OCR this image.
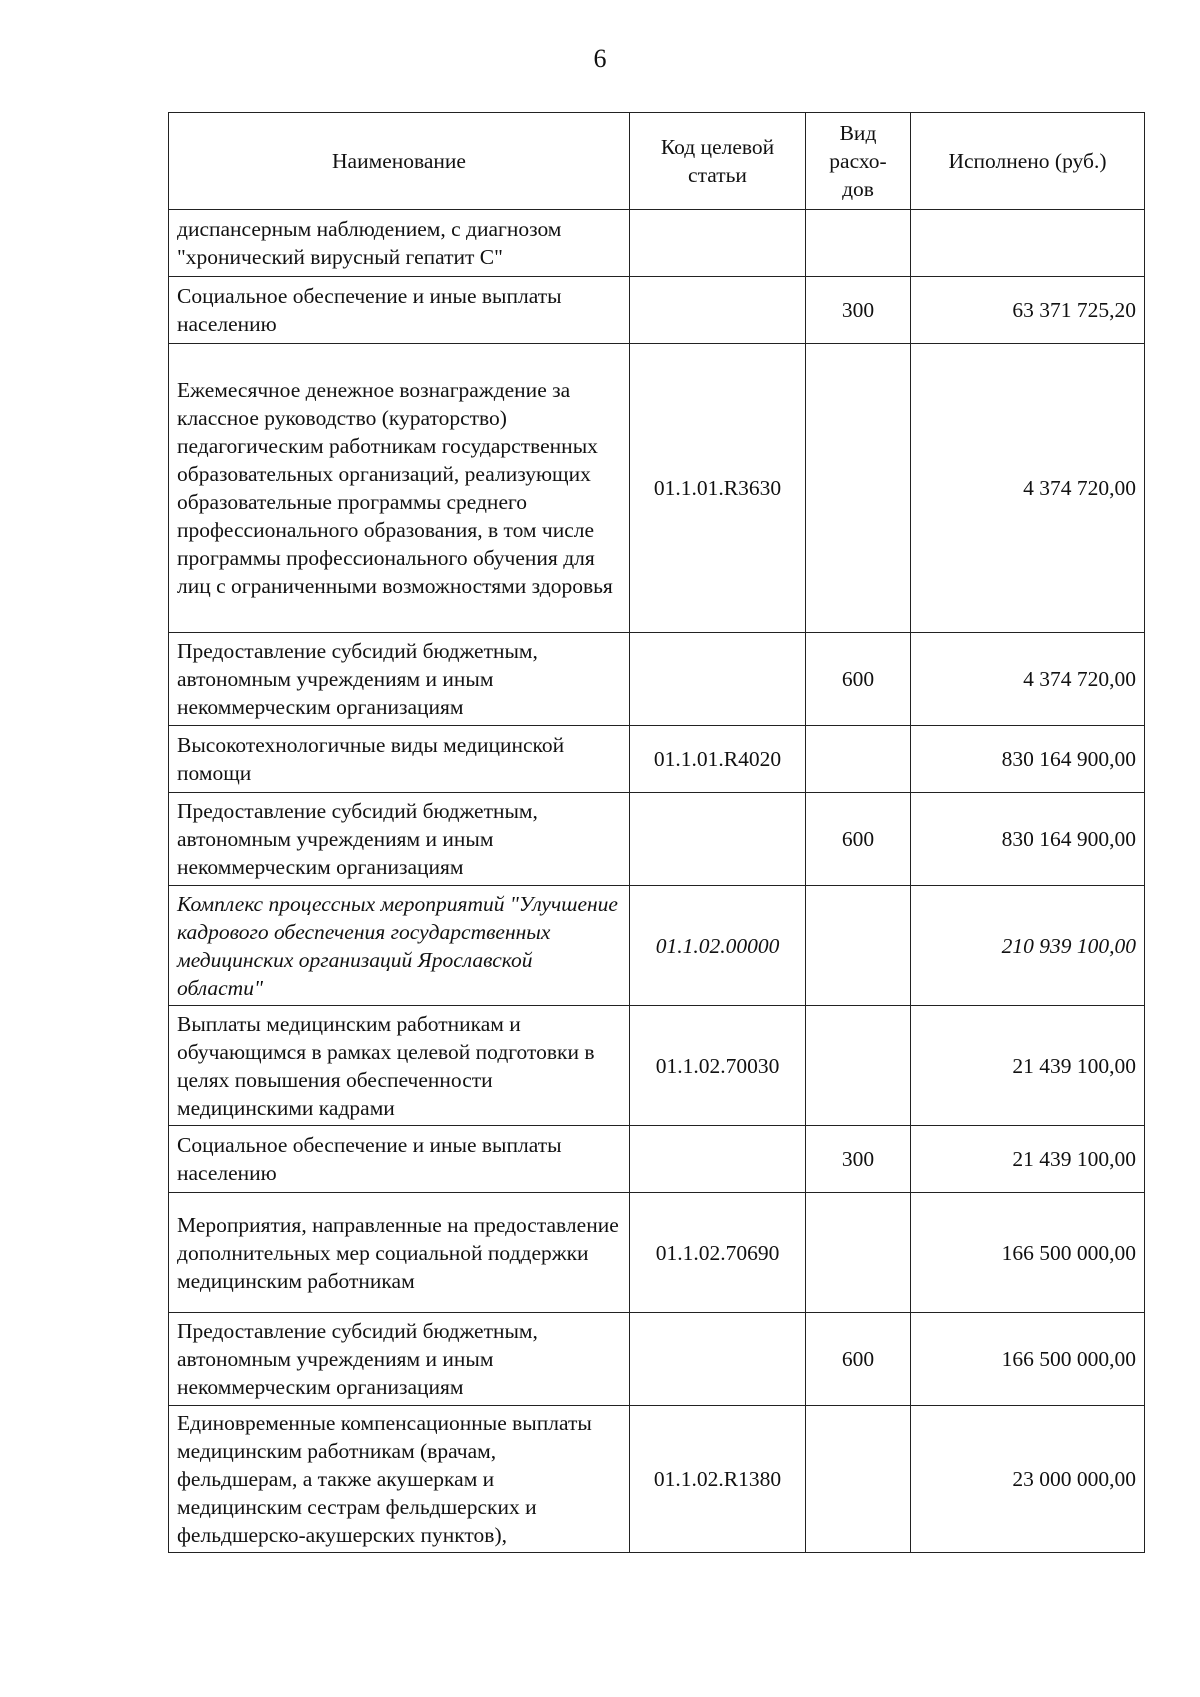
6
Наименование	Код целевой статьи	Вид расхо-дов	Исполнено (руб.)
диспансерным наблюдением, с диагнозом "хронический вирусный гепатит С"			
Социальное обеспечение и иные выплаты населению		300	63 371 725,20
Ежемесячное денежное вознаграждение за классное руководство (кураторство) педагогическим работникам государственных образовательных организаций, реализующих образовательные программы среднего профессионального образования, в том числе программы профессионального обучения для лиц с ограниченными возможностями здоровья	01.1.01.R3630		4 374 720,00
Предоставление субсидий бюджетным, автономным учреждениям и иным некоммерческим организациям		600	4 374 720,00
Высокотехнологичные виды медицинской помощи	01.1.01.R4020		830 164 900,00
Предоставление субсидий бюджетным, автономным учреждениям и иным некоммерческим организациям		600	830 164 900,00
Комплекс процессных мероприятий "Улучшение кадрового обеспечения государственных медицинских организаций Ярославской области"	01.1.02.00000		210 939 100,00
Выплаты медицинским работникам и обучающимся в рамках целевой подготовки в целях повышения обеспеченности медицинскими кадрами	01.1.02.70030		21 439 100,00
Социальное обеспечение и иные выплаты населению		300	21 439 100,00
Мероприятия, направленные на предоставление дополнительных мер социальной поддержки медицинским работникам	01.1.02.70690		166 500 000,00
Предоставление субсидий бюджетным, автономным учреждениям и иным некоммерческим организациям		600	166 500 000,00
Единовременные компенсационные выплаты медицинским работникам (врачам, фельдшерам, а также акушеркам и медицинским сестрам фельдшерских и фельдшерско-акушерских пунктов),	01.1.02.R1380		23 000 000,00
